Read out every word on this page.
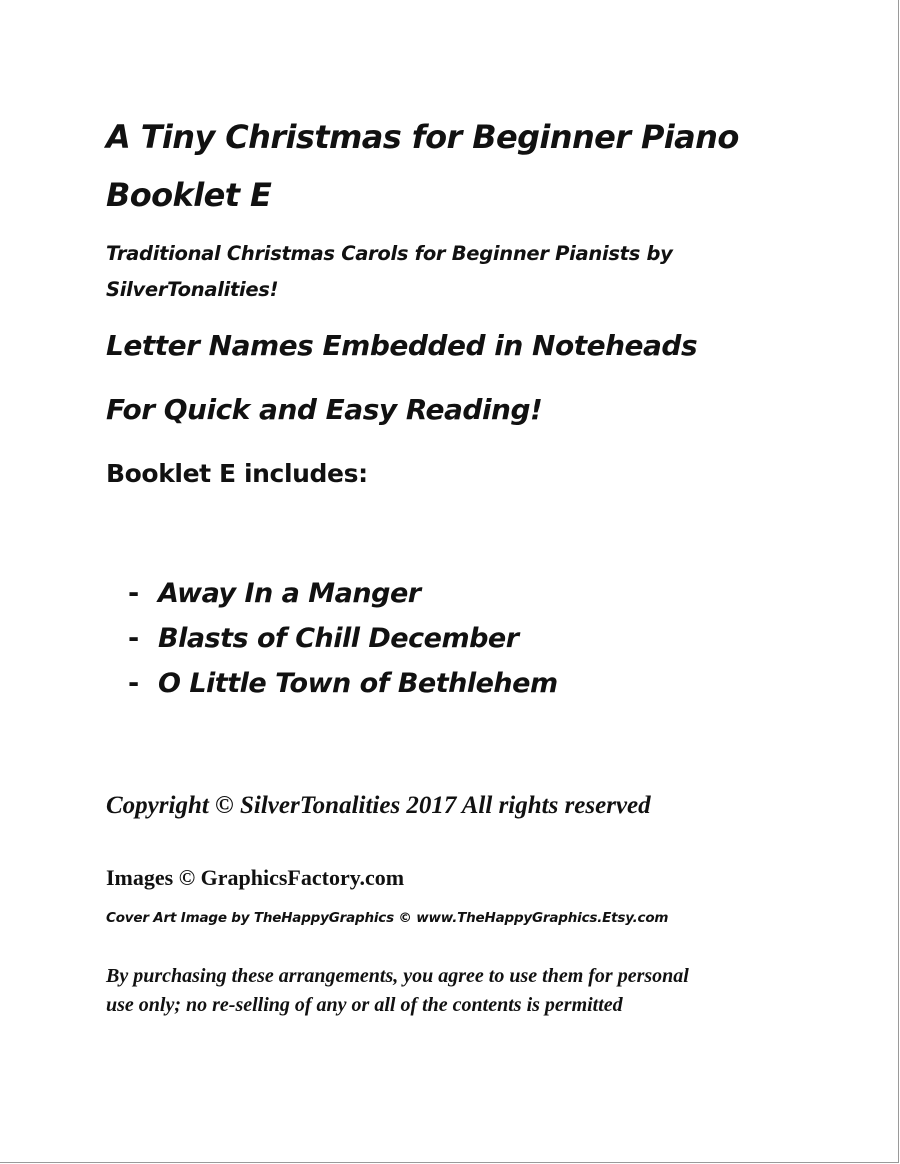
A Tiny Christmas for Beginner Piano
Booklet E

Traditional Christmas Carols for Beginner Pianists by
SilverTonalities!

Letter Names Embedded in Noteheads

For Quick and Easy Reading!

Booklet E includes:

- Away In a Manger
- Blasts of Chill December
- O Little Town of Bethlehem

Copyright © SilverTonalities 2017 All rights reserved

Images © GraphicsFactory.com

Cover Art Image by TheHappyGraphics © www.TheHappyGraphics.Etsy.com

By purchasing these arrangements, you agree to use them for personal
use only; no re-selling of any or all of the contents is permitted
